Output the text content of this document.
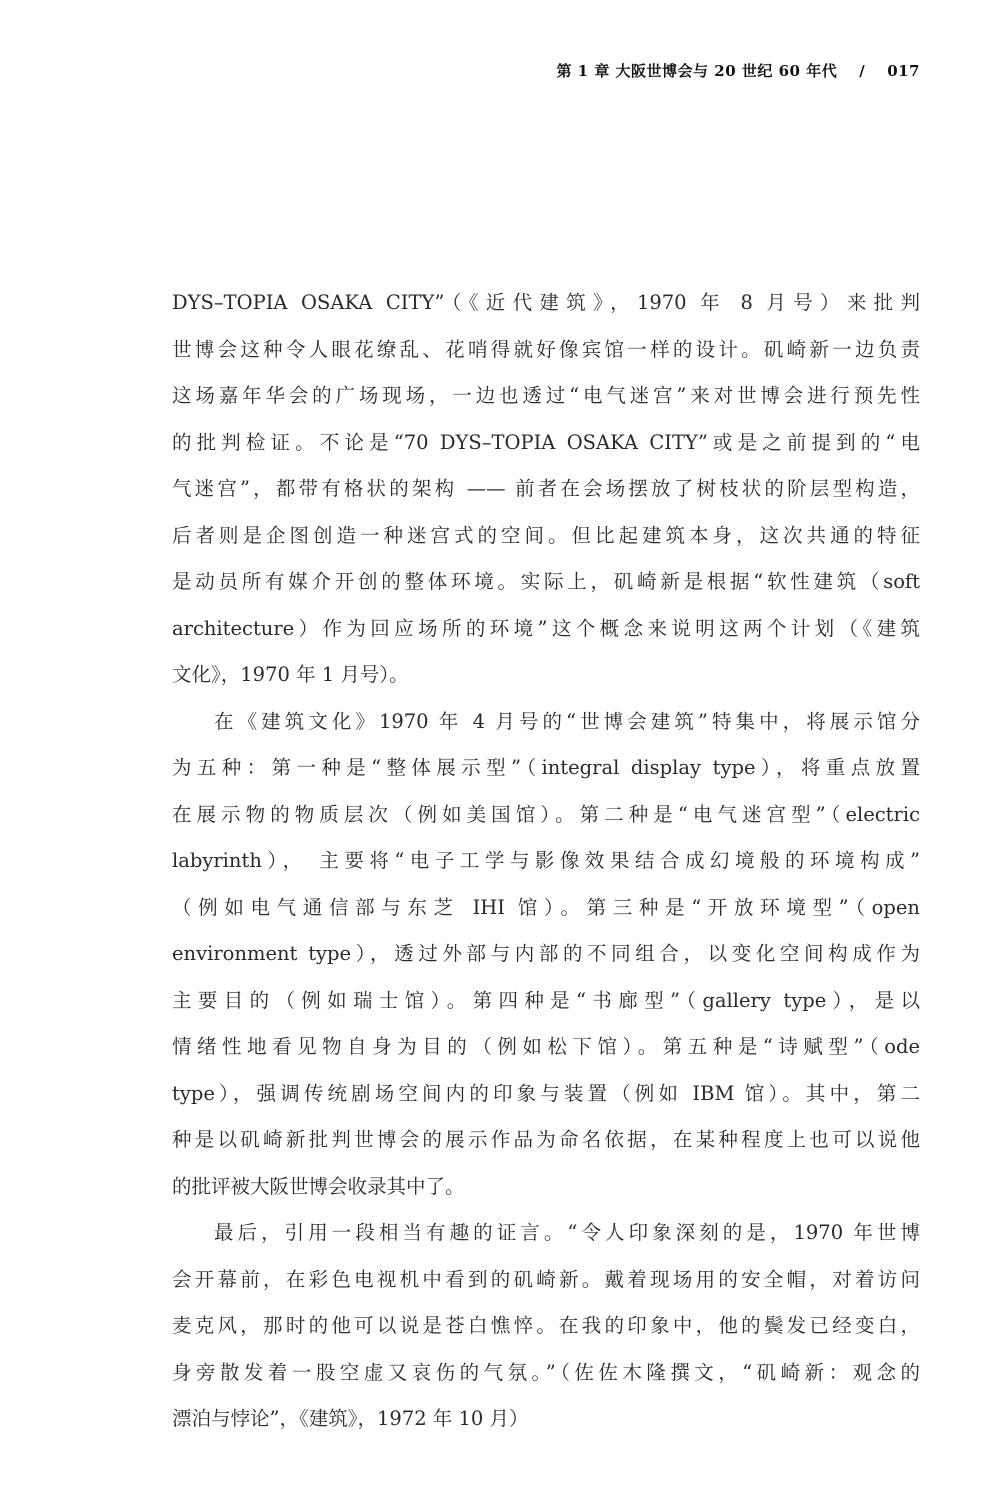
第 1 章 大阪世博会与 20 世纪 60 年代 / 017
DYS–TOPIA OSAKA CITY”（《近代建筑》，1970 年 8 月号）来批判
世博会这种令人眼花缭乱、花哨得就好像宾馆一样的设计。矶崎新一边负责
这场嘉年华会的广场现场，一边也透过“电气迷宫”来对世博会进行预先性
的批判检证。不论是“70 DYS–TOPIA OSAKA CITY”或是之前提到的“电
气迷宫”，都带有格状的架构 —— 前者在会场摆放了树枝状的阶层型构造，
后者则是企图创造一种迷宫式的空间。但比起建筑本身，这次共通的特征
是动员所有媒介开创的整体环境。实际上，矶崎新是根据“软性建筑（soft
architecture）作为回应场所的环境”这个概念来说明这两个计划（《建筑
文化》，1970 年 1 月号）。
在《建筑文化》1970 年 4 月号的“世博会建筑”特集中，将展示馆分
为五种：第一种是“整体展示型”（integral display type），将重点放置
在展示物的物质层次（例如美国馆）。第二种是“电气迷宫型”（electric
labyrinth）， 主要将“电子工学与影像效果结合成幻境般的环境构成”
（例如电气通信部与东芝 IHI 馆）。第三种是“开放环境型”（open
environment type），透过外部与内部的不同组合，以变化空间构成作为
主要目的（例如瑞士馆）。第四种是“书廊型”（gallery type），是以
情绪性地看见物自身为目的（例如松下馆）。第五种是“诗赋型”（ode
type），强调传统剧场空间内的印象与装置（例如 IBM 馆）。其中，第二
种是以矶崎新批判世博会的展示作品为命名依据，在某种程度上也可以说他
的批评被大阪世博会收录其中了。
最后，引用一段相当有趣的证言。“令人印象深刻的是，1970 年世博
会开幕前，在彩色电视机中看到的矶崎新。戴着现场用的安全帽，对着访问
麦克风，那时的他可以说是苍白憔悴。在我的印象中，他的鬓发已经变白，
身旁散发着一股空虚又哀伤的气氛。”（佐佐木隆撰文，“矶崎新：观念的
漂泊与悖论”，《建筑》，1972 年 10 月）
